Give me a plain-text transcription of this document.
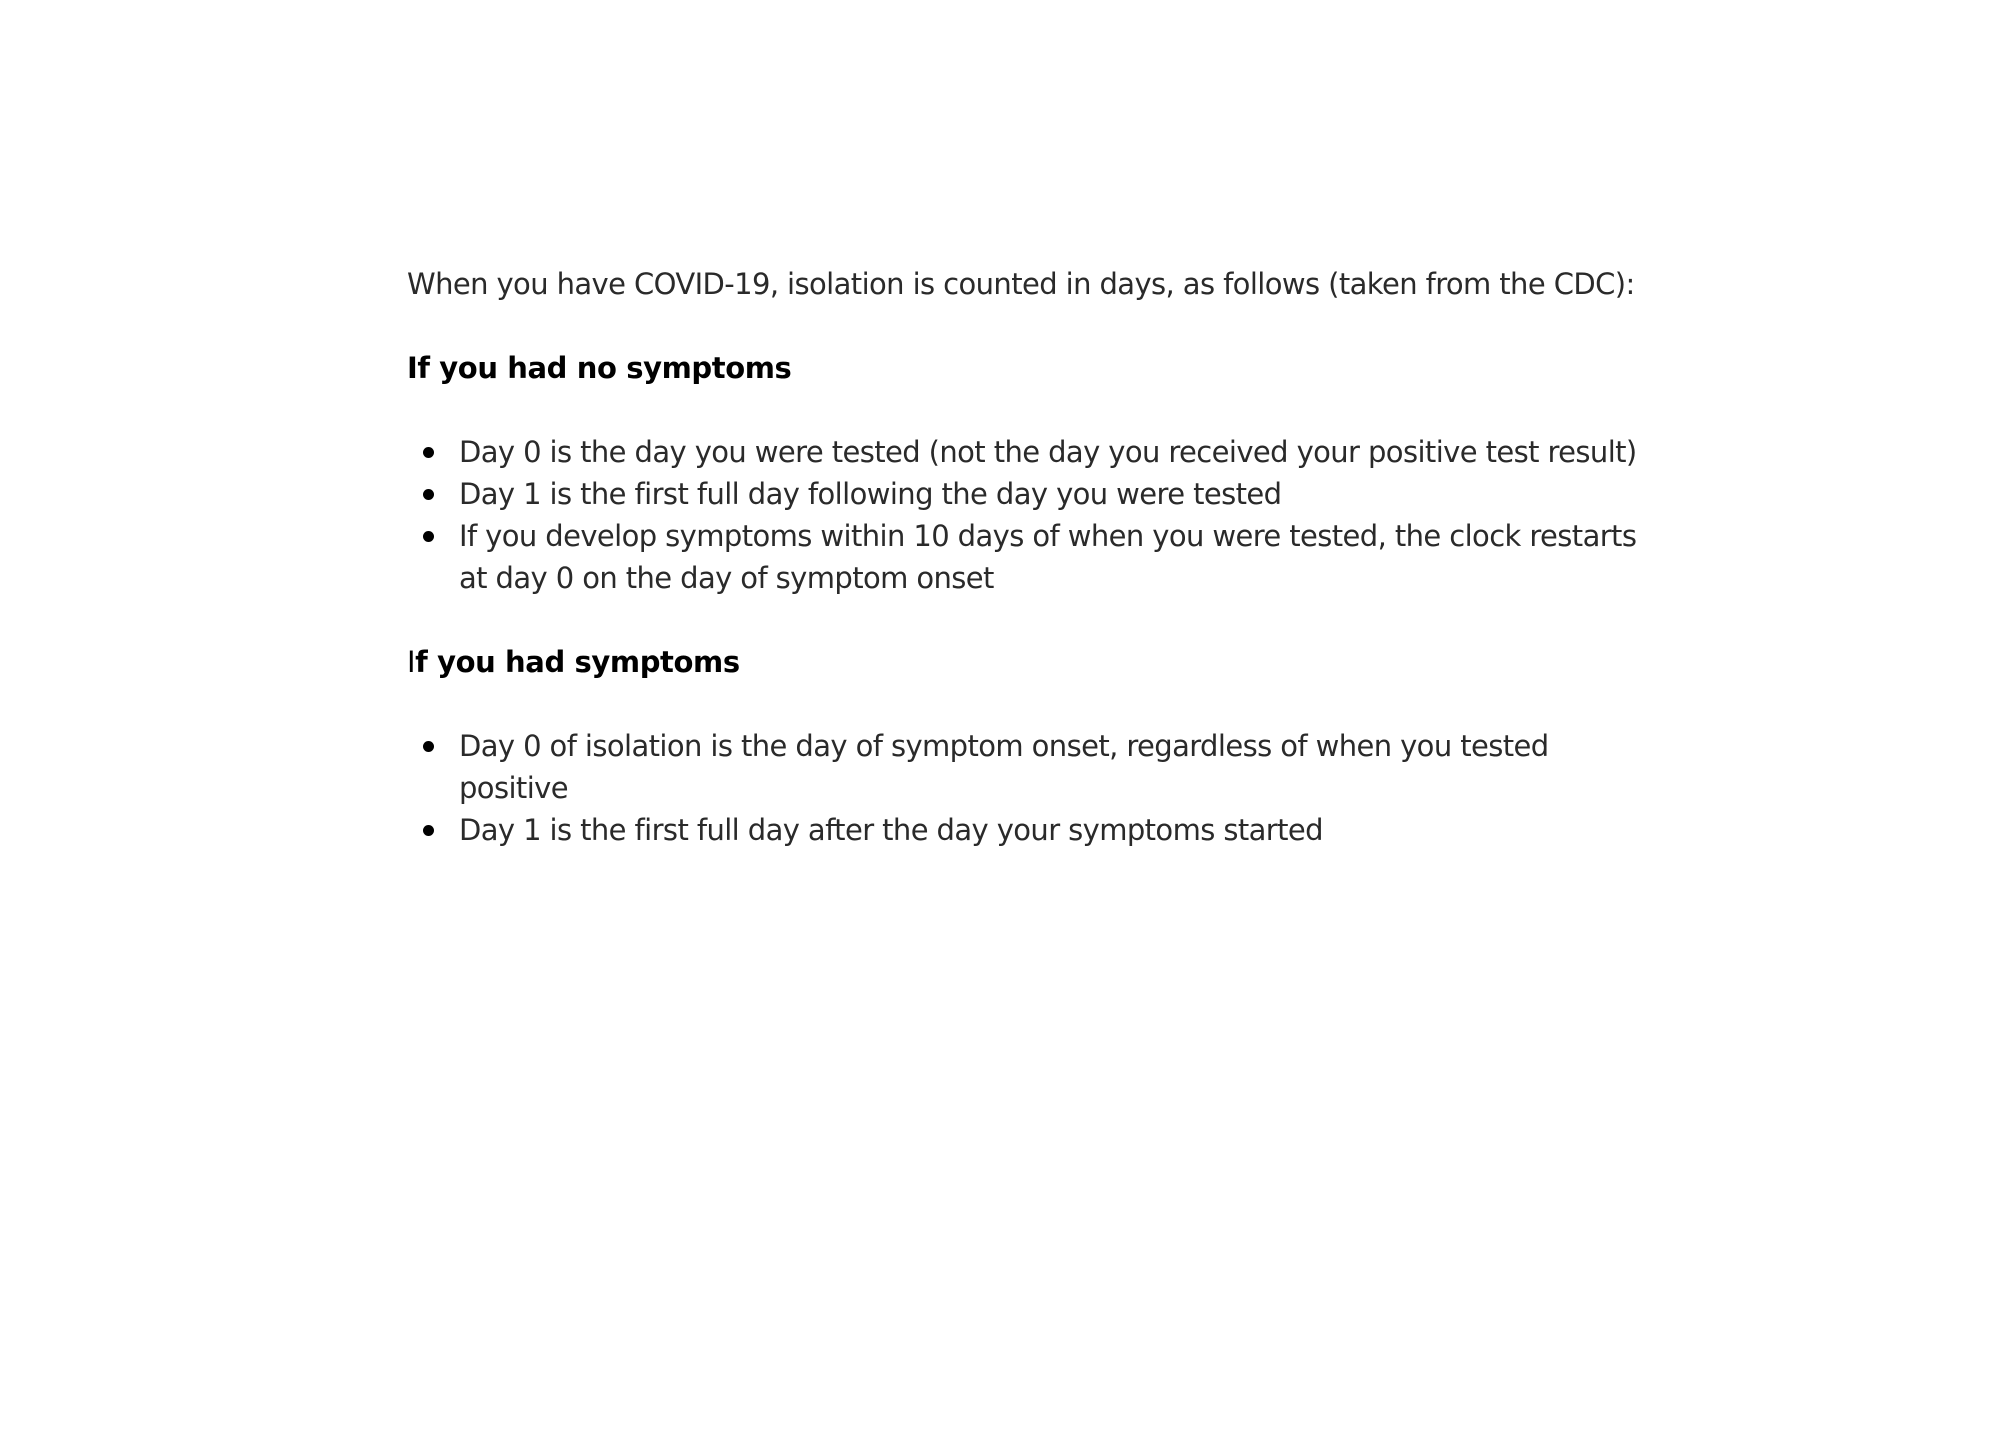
When you have COVID-19, isolation is counted in days, as follows (taken from the CDC):

If you had no symptoms
Day 0 is the day you were tested (not the day you received your positive test result)
Day 1 is the first full day following the day you were tested
If you develop symptoms within 10 days of when you were tested, the clock restarts at day 0 on the day of symptom onset
If you had symptoms
Day 0 of isolation is the day of symptom onset, regardless of when you tested positive
Day 1 is the first full day after the day your symptoms started
